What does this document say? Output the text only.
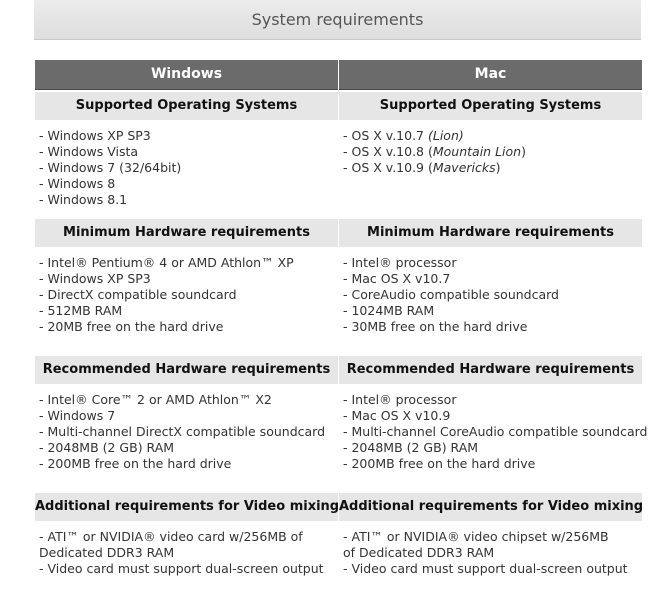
System requirements
Windows
Supported Operating Systems
- Windows XP SP3
- Windows Vista
- Windows 7 (32/64bit)
- Windows 8
- Windows 8.1
Minimum Hardware requirements
- Intel® Pentium® 4 or AMD Athlon™ XP
- Windows XP SP3
- DirectX compatible soundcard
- 512MB RAM
- 20MB free on the hard drive
Recommended Hardware requirements
- Intel® Core™ 2 or AMD Athlon™ X2
- Windows 7
- Multi-channel DirectX compatible soundcard
- 2048MB (2 GB) RAM
- 200MB free on the hard drive
Additional requirements for Video mixing
- ATI™ or NVIDIA® video card w/256MB of
Dedicated DDR3 RAM
- Video card must support dual-screen output
Mac
Supported Operating Systems
- OS X v.10.7 (Lion)
- OS X v.10.8 (Mountain Lion)
- OS X v.10.9 (Mavericks)
Minimum Hardware requirements
- Intel® processor
- Mac OS X v10.7
- CoreAudio compatible soundcard
- 1024MB RAM
- 30MB free on the hard drive
Recommended Hardware requirements
- Intel® processor
- Mac OS X v10.9
- Multi-channel CoreAudio compatible soundcard
- 2048MB (2 GB) RAM
- 200MB free on the hard drive
Additional requirements for Video mixing
- ATI™ or NVIDIA® video chipset w/256MB
of Dedicated DDR3 RAM
- Video card must support dual-screen output
